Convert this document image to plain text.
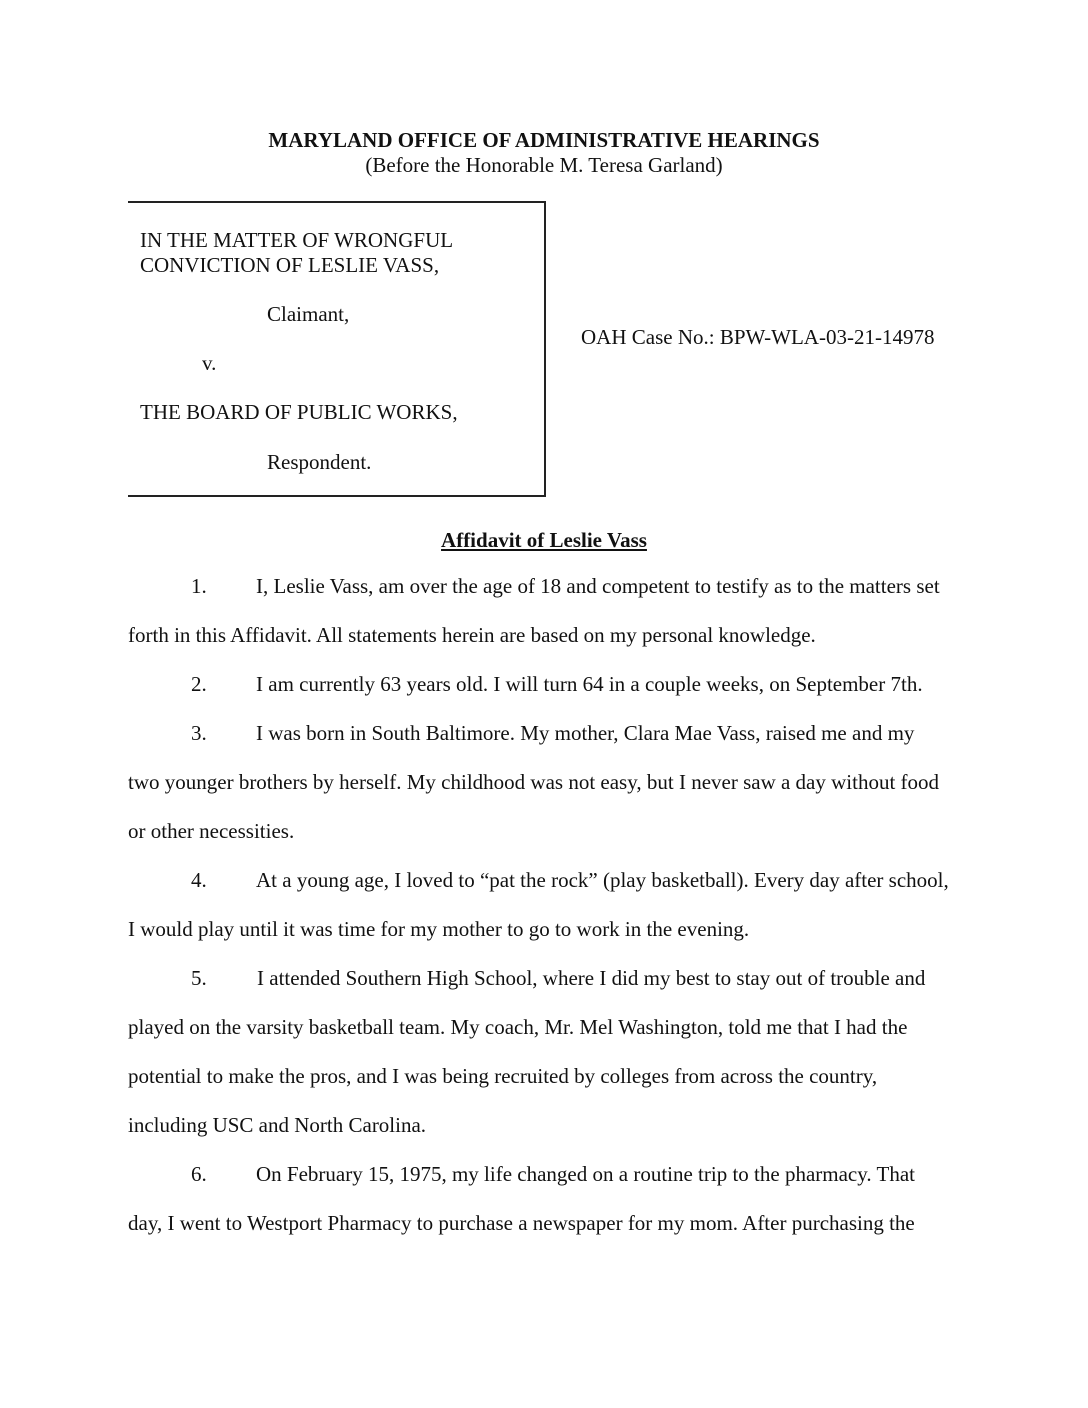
MARYLAND OFFICE OF ADMINISTRATIVE HEARINGS
(Before the Honorable M. Teresa Garland)
IN THE MATTER OF WRONGFUL
CONVICTION OF LESLIE VASS,
Claimant,
v.
THE BOARD OF PUBLIC WORKS,
Respondent.
OAH Case No.: BPW-WLA-03-21-14978
Affidavit of Leslie Vass
1. I, Leslie Vass, am over the age of 18 and competent to testify as to the matters set
forth in this Affidavit. All statements herein are based on my personal knowledge.
2. I am currently 63 years old. I will turn 64 in a couple weeks, on September 7th.
3. I was born in South Baltimore. My mother, Clara Mae Vass, raised me and my
two younger brothers by herself. My childhood was not easy, but I never saw a day without food
or other necessities.
4. At a young age, I loved to “pat the rock” (play basketball). Every day after school,
I would play until it was time for my mother to go to work in the evening.
5. I attended Southern High School, where I did my best to stay out of trouble and
played on the varsity basketball team. My coach, Mr. Mel Washington, told me that I had the
potential to make the pros, and I was being recruited by colleges from across the country,
including USC and North Carolina.
6. On February 15, 1975, my life changed on a routine trip to the pharmacy. That
day, I went to Westport Pharmacy to purchase a newspaper for my mom. After purchasing the
